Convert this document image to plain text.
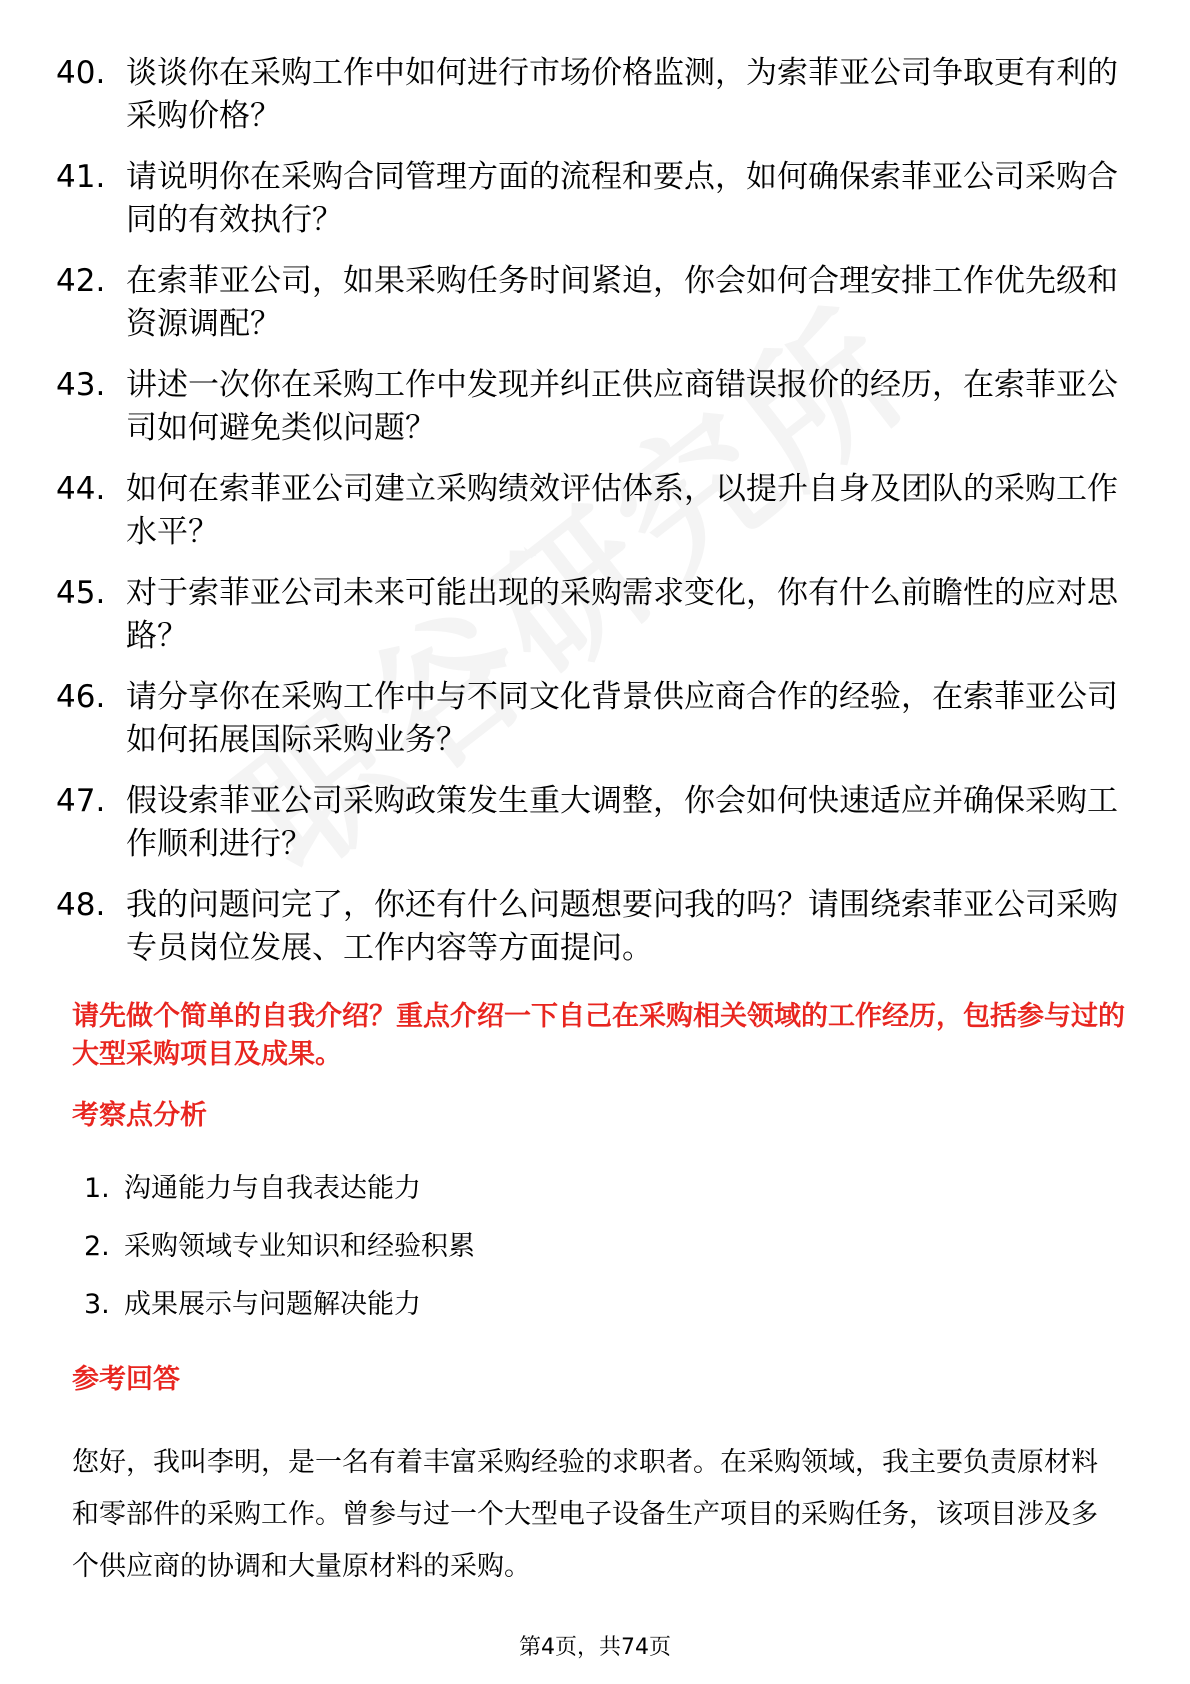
40. 谈谈你在采购工作中如何进行市场价格监测，为索菲亚公司争取更有利的采购价格？
41. 请说明你在采购合同管理方面的流程和要点，如何确保索菲亚公司采购合同的有效执行？
42. 在索菲亚公司，如果采购任务时间紧迫，你会如何合理安排工作优先级和资源调配？
43. 讲述一次你在采购工作中发现并纠正供应商错误报价的经历，在索菲亚公司如何避免类似问题？
44. 如何在索菲亚公司建立采购绩效评估体系，以提升自身及团队的采购工作水平？
45. 对于索菲亚公司未来可能出现的采购需求变化，你有什么前瞻性的应对思路？
46. 请分享你在采购工作中与不同文化背景供应商合作的经验，在索菲亚公司如何拓展国际采购业务？
47. 假设索菲亚公司采购政策发生重大调整，你会如何快速适应并确保采购工作顺利进行？
48. 我的问题问完了，你还有什么问题想要问我的吗？请围绕索菲亚公司采购专员岗位发展、工作内容等方面提问。
请先做个简单的自我介绍？重点介绍一下自己在采购相关领域的工作经历，包括参与过的大型采购项目及成果。
考察点分析
1. 沟通能力与自我表达能力
2. 采购领域专业知识和经验积累
3. 成果展示与问题解决能力
参考回答
您好，我叫李明，是一名有着丰富采购经验的求职者。在采购领域，我主要负责原材料和零部件的采购工作。曾参与过一个大型电子设备生产项目的采购任务，该项目涉及多个供应商的协调和大量原材料的采购。
第4页，共74页
